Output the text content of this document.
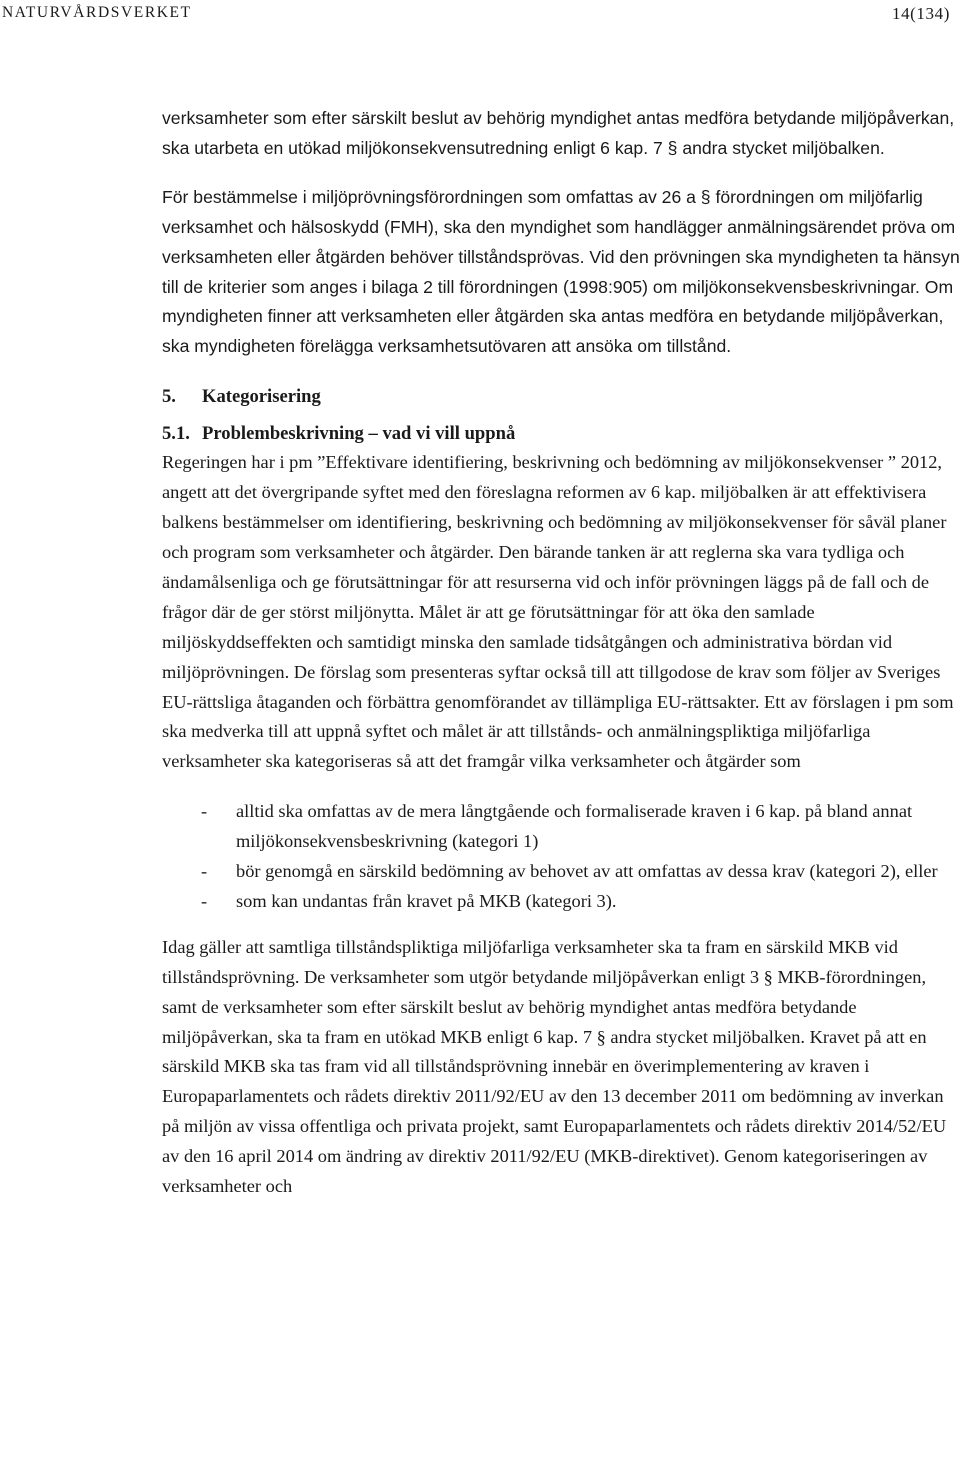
NATURVÅRDSVERKET	14(134)

verksamheter som efter särskilt beslut av behörig myndighet antas medföra betydande miljöpåverkan, ska utarbeta en utökad miljökonsekvensutredning enligt 6 kap. 7 § andra stycket miljöbalken.

För bestämmelse i miljöprövningsförordningen som omfattas av 26 a § förordningen om miljöfarlig verksamhet och hälsoskydd (FMH), ska den myndighet som handlägger anmälningsärendet pröva om verksamheten eller åtgärden behöver tillståndsprövas. Vid den prövningen ska myndigheten ta hänsyn till de kriterier som anges i bilaga 2 till förordningen (1998:905) om miljökonsekvensbeskrivningar. Om myndigheten finner att verksamheten eller åtgärden ska antas medföra en betydande miljöpåverkan, ska myndigheten förelägga verksamhetsutövaren att ansöka om tillstånd.

5. Kategorisering
5.1. Problembeskrivning – vad vi vill uppnå

Regeringen har i pm ”Effektivare identifiering, beskrivning och bedömning av miljökonsekvenser ” 2012, angett att det övergripande syftet med den föreslagna reformen av 6 kap. miljöbalken är att effektivisera balkens bestämmelser om identifiering, beskrivning och bedömning av miljökonsekvenser för såväl planer och program som verksamheter och åtgärder. Den bärande tanken är att reglerna ska vara tydliga och ändamålsenliga och ge förutsättningar för att resurserna vid och inför prövningen läggs på de fall och de frågor där de ger störst miljönytta. Målet är att ge förutsättningar för att öka den samlade miljöskyddseffekten och samtidigt minska den samlade tidsåtgången och administrativa bördan vid miljöprövningen. De förslag som presenteras syftar också till att tillgodose de krav som följer av Sveriges EU-rättsliga åtaganden och förbättra genomförandet av tillämpliga EU-rättsakter. Ett av förslagen i pm som ska medverka till att uppnå syftet och målet är att tillstånds- och anmälningspliktiga miljöfarliga verksamheter ska kategoriseras så att det framgår vilka verksamheter och åtgärder som

- alltid ska omfattas av de mera långtgående och formaliserade kraven i 6 kap. på bland annat miljökonsekvensbeskrivning (kategori 1)
- bör genomgå en särskild bedömning av behovet av att omfattas av dessa krav (kategori 2), eller
- som kan undantas från kravet på MKB (kategori 3).

Idag gäller att samtliga tillståndspliktiga miljöfarliga verksamheter ska ta fram en särskild MKB vid tillståndsprövning. De verksamheter som utgör betydande miljöpåverkan enligt 3 § MKB-förordningen, samt de verksamheter som efter särskilt beslut av behörig myndighet antas medföra betydande miljöpåverkan, ska ta fram en utökad MKB enligt 6 kap. 7 § andra stycket miljöbalken. Kravet på att en särskild MKB ska tas fram vid all tillståndsprövning innebär en överimplementering av kraven i Europaparlamentets och rådets direktiv 2011/92/EU av den 13 december 2011 om bedömning av inverkan på miljön av vissa offentliga och privata projekt, samt Europaparlamentets och rådets direktiv 2014/52/EU av den 16 april 2014 om ändring av direktiv 2011/92/EU (MKB-direktivet). Genom kategoriseringen av verksamheter och
